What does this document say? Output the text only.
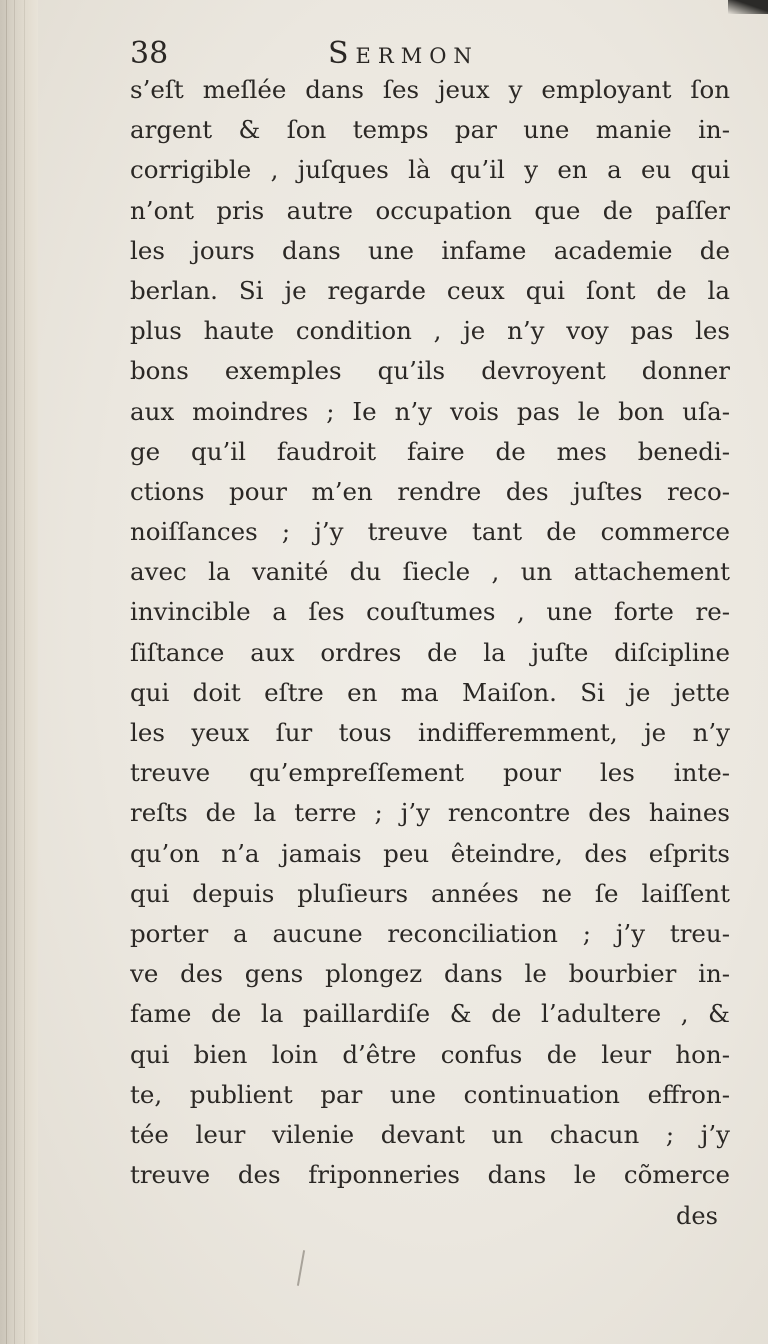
38	Sermon
s’eſt meſlée dans ſes jeux y employant ſon
argent & ſon temps par une manie in-
corrigible , juſques là qu’il y en a eu qui
n’ont pris autre occupation que de paſſer
les jours dans une infame academie de
berlan. Si je regarde ceux qui ſont de la
plus haute condition , je n’y voy pas les
bons exemples qu’ils devroyent donner
aux moindres ; Ie n’y vois pas le bon uſa-
ge qu’il faudroit faire de mes benedi-
ctions pour m’en rendre des juſtes reco-
noiſſances ; j’y treuve tant de commerce
avec la vanité du ſiecle , un attachement
invincible a ſes couſtumes , une forte re-
ſiſtance aux ordres de la juſte diſcipline
qui doit eſtre en ma Maiſon. Si je jette
les yeux ſur tous indifferemment, je n’y
treuve qu’empreſſement pour les inte-
reſts de la terre ; j’y rencontre des haines
qu’on n’a jamais peu êteindre, des eſprits
qui depuis pluſieurs années ne ſe laiſſent
porter a aucune reconciliation ; j’y treu-
ve des gens plongez dans le bourbier in-
fame de la paillardiſe & de l’adultere , &
qui bien loin d’être confus de leur hon-
te, publient par une continuation effron-
tée leur vilenie devant un chacun ; j’y
treuve des friponneries dans le cõmerce
des
